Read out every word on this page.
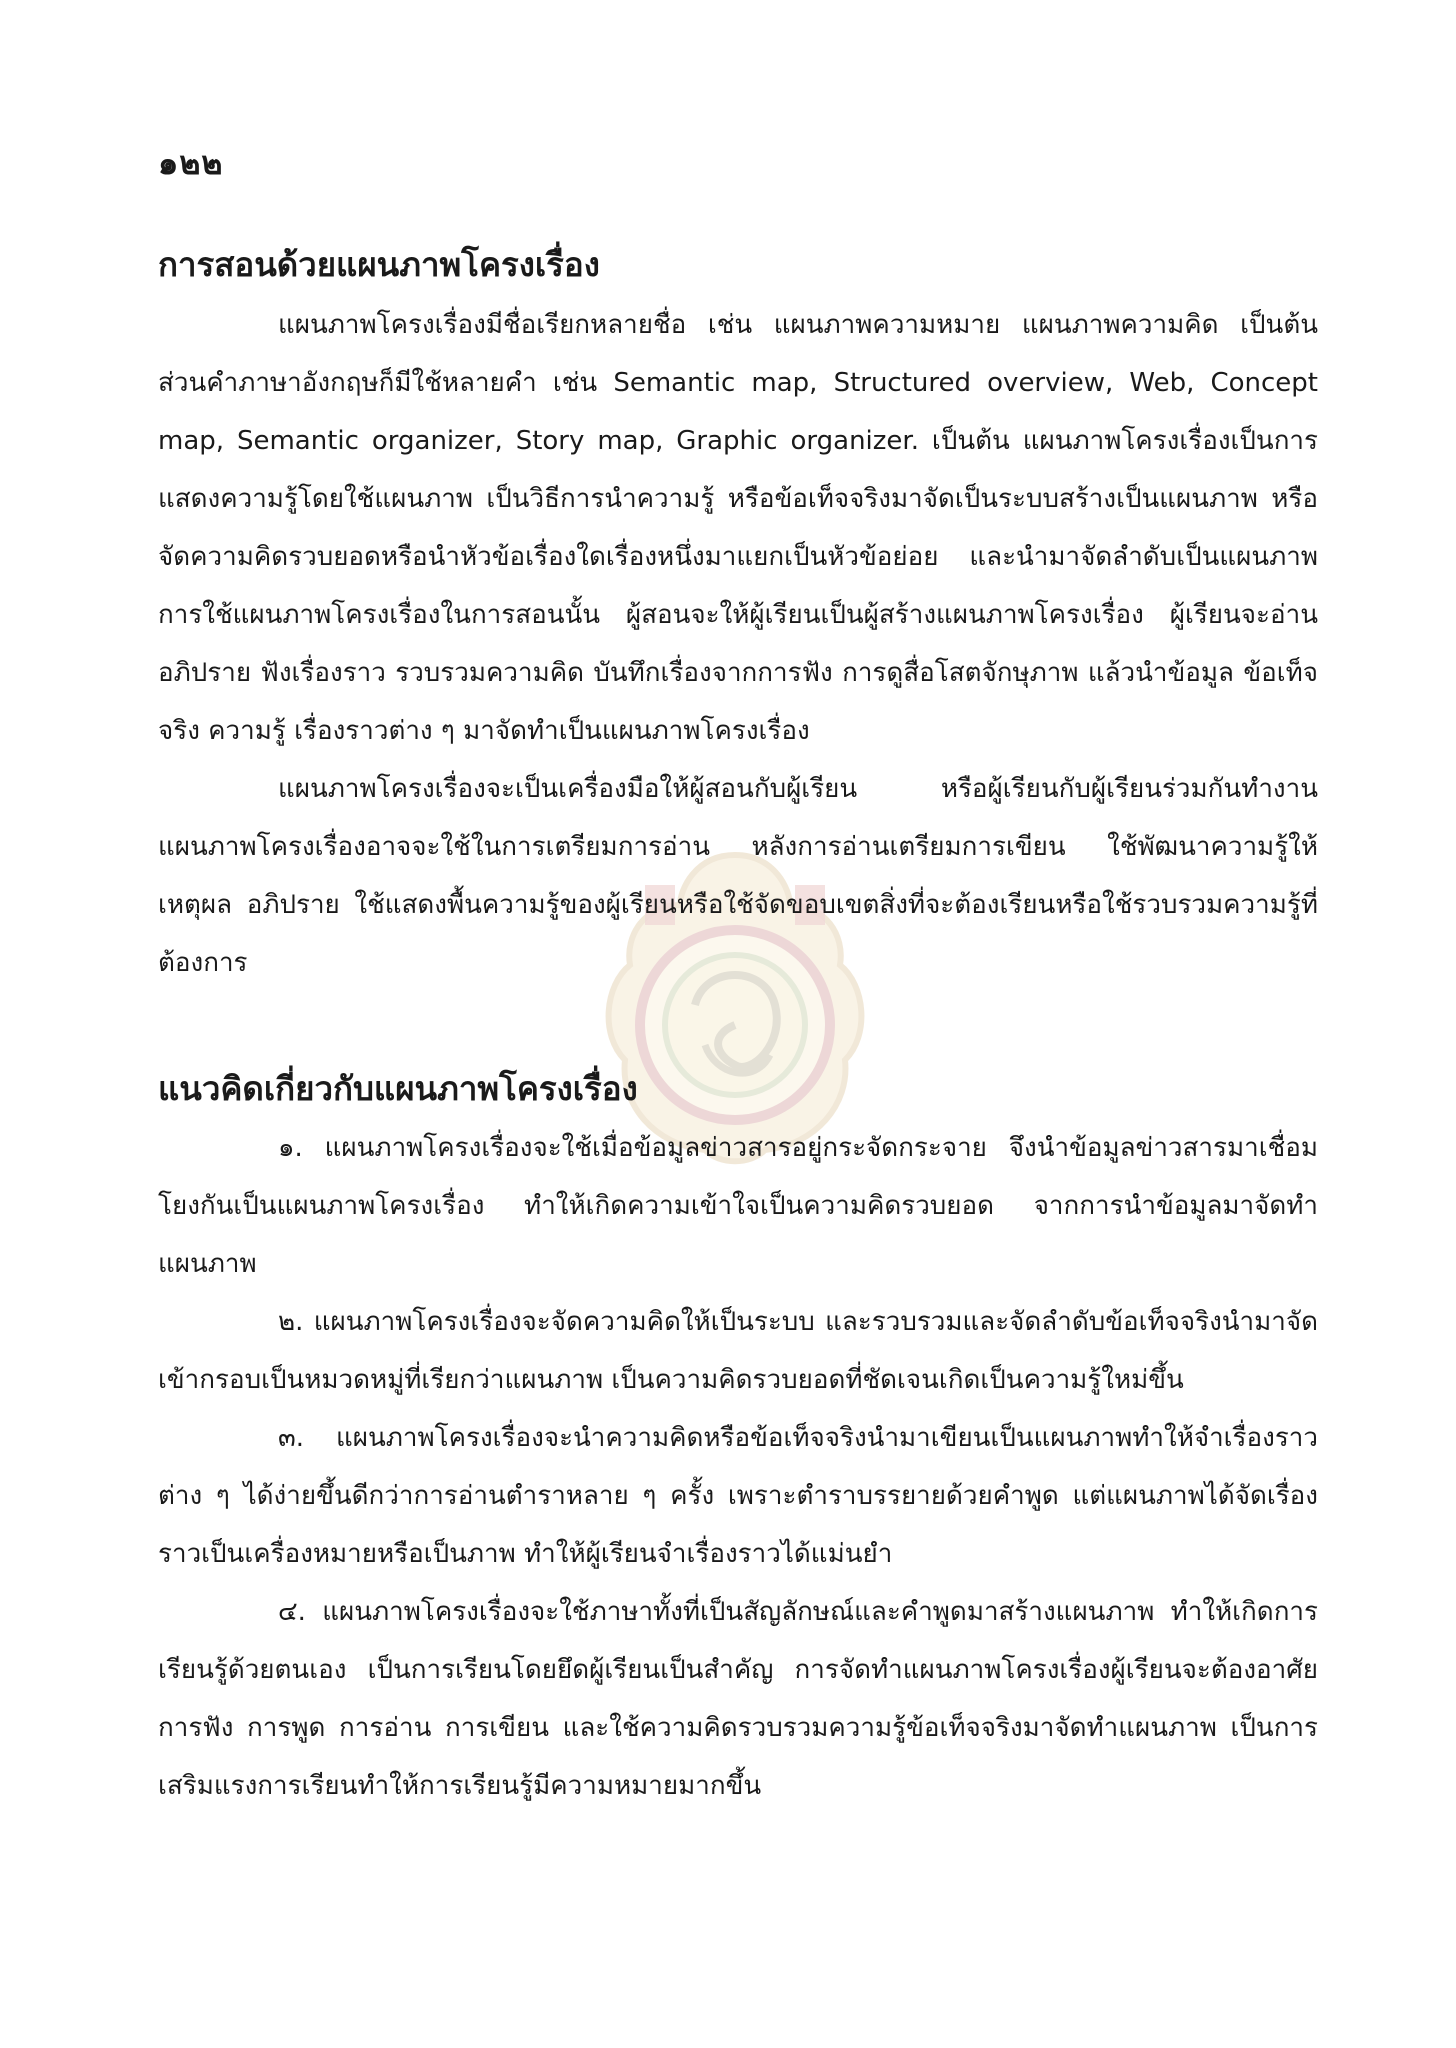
๑๒๒
การสอนด้วยแผนภาพโครงเรื่อง

แผนภาพโครงเรื่องมีชื่อเรียกหลายชื่อ เช่น แผนภาพความหมาย แผนภาพความคิด เป็นต้น ส่วนคำภาษาอังกฤษก็มีใช้หลายคำ เช่น Semantic map, Structured overview, Web, Concept map, Semantic organizer, Story map, Graphic organizer. เป็นต้น แผนภาพโครงเรื่องเป็นการแสดงความรู้โดยใช้แผนภาพ เป็นวิธีการนำความรู้ หรือข้อเท็จจริงมาจัดเป็นระบบสร้างเป็นแผนภาพ หรือจัดความคิดรวบยอดหรือนำหัวข้อเรื่องใดเรื่องหนึ่งมาแยกเป็นหัวข้อย่อย และนำมาจัดลำดับเป็นแผนภาพ การใช้แผนภาพโครงเรื่องในการสอนนั้น ผู้สอนจะให้ผู้เรียนเป็นผู้สร้างแผนภาพโครงเรื่อง ผู้เรียนจะอ่านอภิปราย ฟังเรื่องราว รวบรวมความคิด บันทึกเรื่องจากการฟัง การดูสื่อโสตจักษุภาพ แล้วนำข้อมูล ข้อเท็จจริง ความรู้ เรื่องราวต่าง ๆ มาจัดทำเป็นแผนภาพโครงเรื่อง

แผนภาพโครงเรื่องจะเป็นเครื่องมือให้ผู้สอนกับผู้เรียน หรือผู้เรียนกับผู้เรียนร่วมกันทำงาน แผนภาพโครงเรื่องอาจจะใช้ในการเตรียมการอ่าน หลังการอ่านเตรียมการเขียน ใช้พัฒนาความรู้ให้เหตุผล อภิปราย ใช้แสดงพื้นความรู้ของผู้เรียนหรือใช้จัดขอบเขตสิ่งที่จะต้องเรียนหรือใช้รวบรวมความรู้ที่ต้องการ

แนวคิดเกี่ยวกับแผนภาพโครงเรื่อง

๑. แผนภาพโครงเรื่องจะใช้เมื่อข้อมูลข่าวสารอยู่กระจัดกระจาย จึงนำข้อมูลข่าวสารมาเชื่อมโยงกันเป็นแผนภาพโครงเรื่อง ทำให้เกิดความเข้าใจเป็นความคิดรวบยอด จากการนำข้อมูลมาจัดทำแผนภาพ

๒. แผนภาพโครงเรื่องจะจัดความคิดให้เป็นระบบ และรวบรวมและจัดลำดับข้อเท็จจริงนำมาจัดเข้ากรอบเป็นหมวดหมู่ที่เรียกว่าแผนภาพ เป็นความคิดรวบยอดที่ชัดเจนเกิดเป็นความรู้ใหม่ขึ้น

๓. แผนภาพโครงเรื่องจะนำความคิดหรือข้อเท็จจริงนำมาเขียนเป็นแผนภาพทำให้จำเรื่องราวต่าง ๆ ได้ง่ายขึ้นดีกว่าการอ่านตำราหลาย ๆ ครั้ง เพราะตำราบรรยายด้วยคำพูด แต่แผนภาพได้จัดเรื่องราวเป็นเครื่องหมายหรือเป็นภาพ ทำให้ผู้เรียนจำเรื่องราวได้แม่นยำ

๔. แผนภาพโครงเรื่องจะใช้ภาษาทั้งที่เป็นสัญลักษณ์และคำพูดมาสร้างแผนภาพ ทำให้เกิดการเรียนรู้ด้วยตนเอง เป็นการเรียนโดยยึดผู้เรียนเป็นสำคัญ การจัดทำแผนภาพโครงเรื่องผู้เรียนจะต้องอาศัยการฟัง การพูด การอ่าน การเขียน และใช้ความคิดรวบรวมความรู้ข้อเท็จจริงมาจัดทำแผนภาพ เป็นการเสริมแรงการเรียนทำให้การเรียนรู้มีความหมายมากขึ้น
